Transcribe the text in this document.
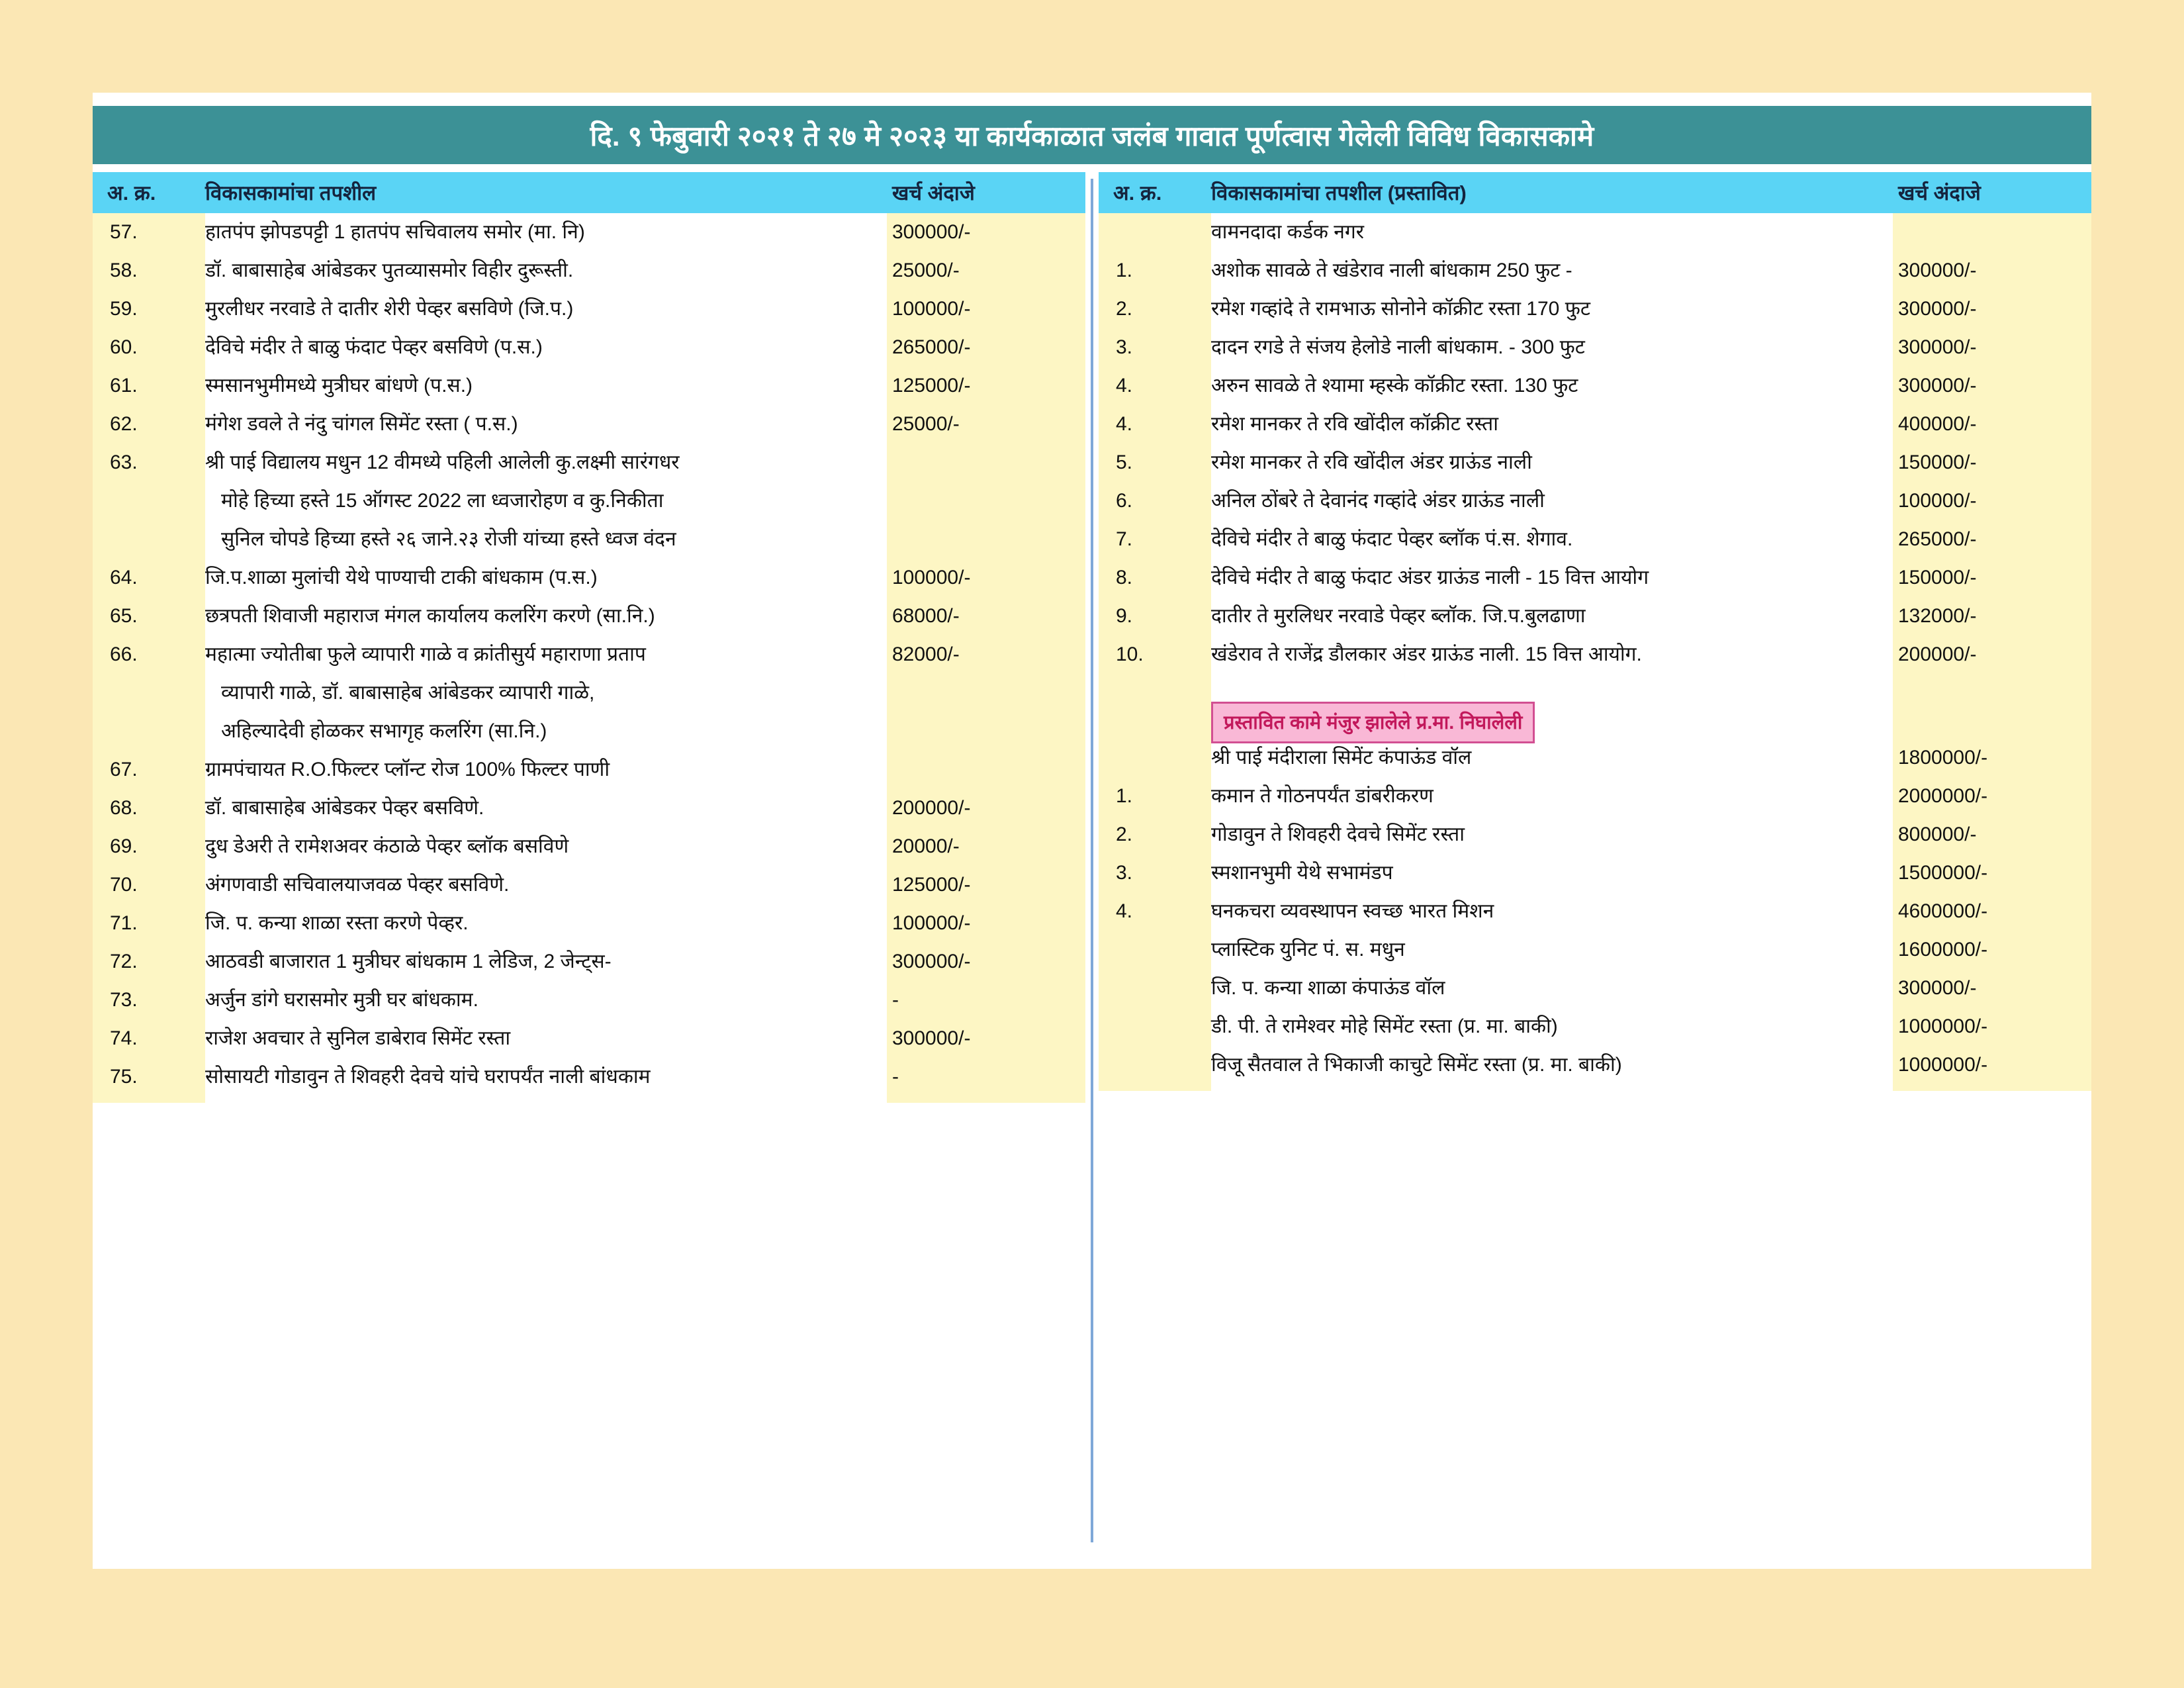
दि. ९ फेबुवारी २०२१ ते २७ मे २०२३ या कार्यकाळात जलंब गावात पूर्णत्वास गेलेली विविध विकासकामे
अ. क्र.	विकासकामांचा तपशील	खर्च अंदाजे
57.	हातपंप झोपडपट्टी 1 हातपंप सचिवालय समोर (मा. नि)	300000/-
58.	डॉ. बाबासाहेब आंबेडकर पुतव्यासमोर विहीर दुरूस्ती.	25000/-
59.	मुरलीधर नरवाडे ते दातीर शेरी पेव्हर बसविणे (जि.प.)	100000/-
60.	देविचे मंदीर ते बाळु फंदाट पेव्हर बसविणे (प.स.)	265000/-
61.	स्मसानभुमीमध्ये मुत्रीघर बांधणे (प.स.)	125000/-
62.	मंगेश डवले ते नंदु चांगल सिमेंट रस्ता ( प.स.)	25000/-
63.	श्री पाई विद्यालय मधुन 12 वीमध्ये पहिली आलेली कु.लक्ष्मी सारंगधर
मोहे हिच्या हस्ते 15 ऑगस्ट 2022 ला ध्वजारोहण व कु.निकीता
सुनिल चोपडे हिच्या हस्ते २६ जाने.२३ रोजी यांच्या हस्ते ध्वज वंदन
64.	जि.प.शाळा मुलांची येथे पाण्याची टाकी बांधकाम (प.स.)	100000/-
65.	छत्रपती शिवाजी महाराज मंगल कार्यालय कलरिंग करणे (सा.नि.)	68000/-
66.	महात्मा ज्योतीबा फुले व्यापारी गाळे व क्रांतीसुर्य महाराणा प्रताप	82000/-
व्यापारी गाळे, डॉ. बाबासाहेब आंबेडकर व्यापारी गाळे,
अहिल्यादेवी होळकर सभागृह कलरिंग (सा.नि.)
67.	ग्रामपंचायत R.O.फिल्टर प्लॉन्ट रोज 100% फिल्टर पाणी
68.	डॉ. बाबासाहेब आंबेडकर पेव्हर बसविणे.	200000/-
69.	दुध डेअरी ते रामेशअवर कंठाळे पेव्हर ब्लॉक बसविणे	20000/-
70.	अंगणवाडी सचिवालयाजवळ पेव्हर बसविणे.	125000/-
71.	जि. प. कन्या शाळा रस्ता करणे पेव्हर.	100000/-
72.	आठवडी बाजारात 1 मुत्रीघर बांधकाम 1 लेडिज, 2 जेन्ट्स-	300000/-
73.	अर्जुन डांगे घरासमोर मुत्री घर बांधकाम.	-
74.	राजेश अवचार ते सुनिल डाबेराव सिमेंट रस्ता	300000/-
75.	सोसायटी गोडावुन ते शिवहरी देवचे यांचे घरापर्यंत नाली बांधकाम	-
अ. क्र.	विकासकामांचा तपशील (प्रस्तावित)	खर्च अंदाजे
वामनदादा कर्डक नगर
1.	अशोक सावळे ते खंडेराव नाली बांधकाम 250 फुट -	300000/-
2.	रमेश गव्हांदे ते रामभाऊ सोनोने कॉक्रीट रस्ता 170 फुट	300000/-
3.	दादन रगडे ते संजय हेलोडे नाली बांधकाम. - 300 फुट	300000/-
4.	अरुन सावळे ते श्यामा म्हस्के कॉक्रीट रस्ता. 130 फुट	300000/-
4.	रमेश मानकर ते रवि खोंदील कॉक्रीट रस्ता	400000/-
5.	रमेश मानकर ते रवि खोंदील अंडर ग्राऊंड नाली	150000/-
6.	अनिल ठोंबरे ते देवानंद गव्हांदे अंडर ग्राऊंड नाली	100000/-
7.	देविचे मंदीर ते बाळु फंदाट पेव्हर ब्लॉक पं.स. शेगाव.	265000/-
8.	देविचे मंदीर ते बाळु फंदाट अंडर ग्राऊंड नाली - 15 वित्त आयोग	150000/-
9.	दातीर ते मुरलिधर नरवाडे पेव्हर ब्लॉक. जि.प.बुलढाणा	132000/-
10.	खंडेराव ते राजेंद्र डौलकार अंडर ग्राऊंड नाली. 15 वित्त आयोग.	200000/-
प्रस्तावित कामे मंजुर झालेले प्र.मा. निघालेली
श्री पाई मंदीराला सिमेंट कंपाऊंड वॉल	1800000/-
1.	कमान ते गोठनपर्यंत डांबरीकरण	2000000/-
2.	गोडावुन ते शिवहरी देवचे सिमेंट रस्ता	800000/-
3.	स्मशानभुमी येथे सभामंडप	1500000/-
4.	घनकचरा व्यवस्थापन स्वच्छ भारत मिशन	4600000/-
प्लास्टिक युनिट पं. स. मधुन	1600000/-
जि. प. कन्या शाळा कंपाऊंड वॉल	300000/-
डी. पी. ते रामेश्वर मोहे सिमेंट रस्ता (प्र. मा. बाकी)	1000000/-
विजू सैतवाल ते भिकाजी काचुटे सिमेंट रस्ता (प्र. मा. बाकी)	1000000/-
